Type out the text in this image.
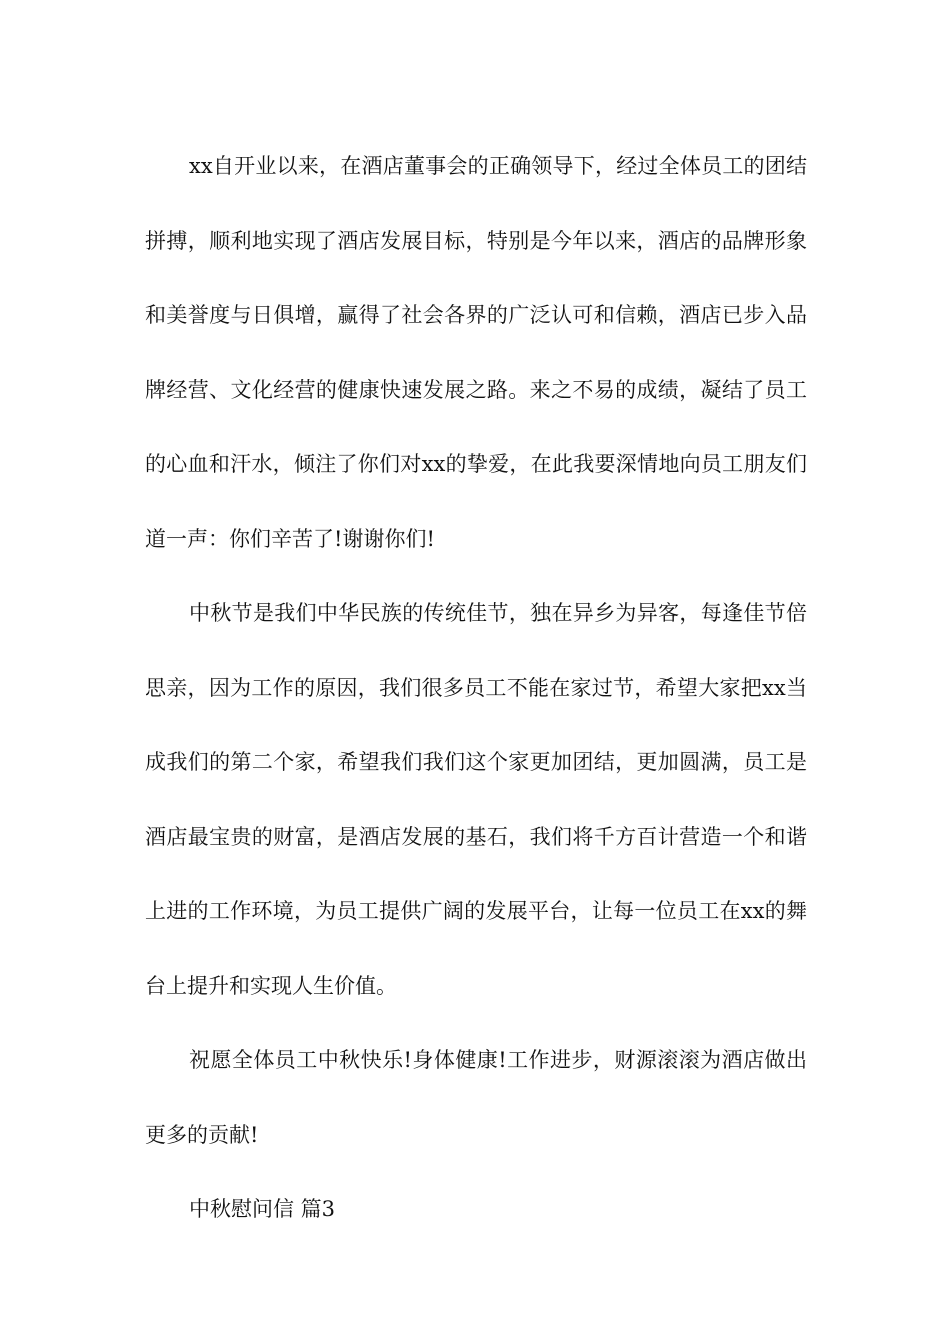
xx自开业以来，在酒店董事会的正确领导下，经过全体员工的团结拼搏，顺利地实现了酒店发展目标，特别是今年以来，酒店的品牌形象和美誉度与日俱增，赢得了社会各界的广泛认可和信赖，酒店已步入品牌经营、文化经营的健康快速发展之路。来之不易的成绩，凝结了员工的心血和汗水，倾注了你们对xx的挚爱，在此我要深情地向员工朋友们道一声：你们辛苦了!谢谢你们!

中秋节是我们中华民族的传统佳节，独在异乡为异客，每逢佳节倍思亲，因为工作的原因，我们很多员工不能在家过节，希望大家把xx当成我们的第二个家，希望我们我们这个家更加团结，更加圆满，员工是酒店最宝贵的财富，是酒店发展的基石，我们将千方百计营造一个和谐上进的工作环境，为员工提供广阔的发展平台，让每一位员工在xx的舞台上提升和实现人生价值。

祝愿全体员工中秋快乐!身体健康!工作进步，财源滚滚为酒店做出更多的贡献!

中秋慰问信 篇3
